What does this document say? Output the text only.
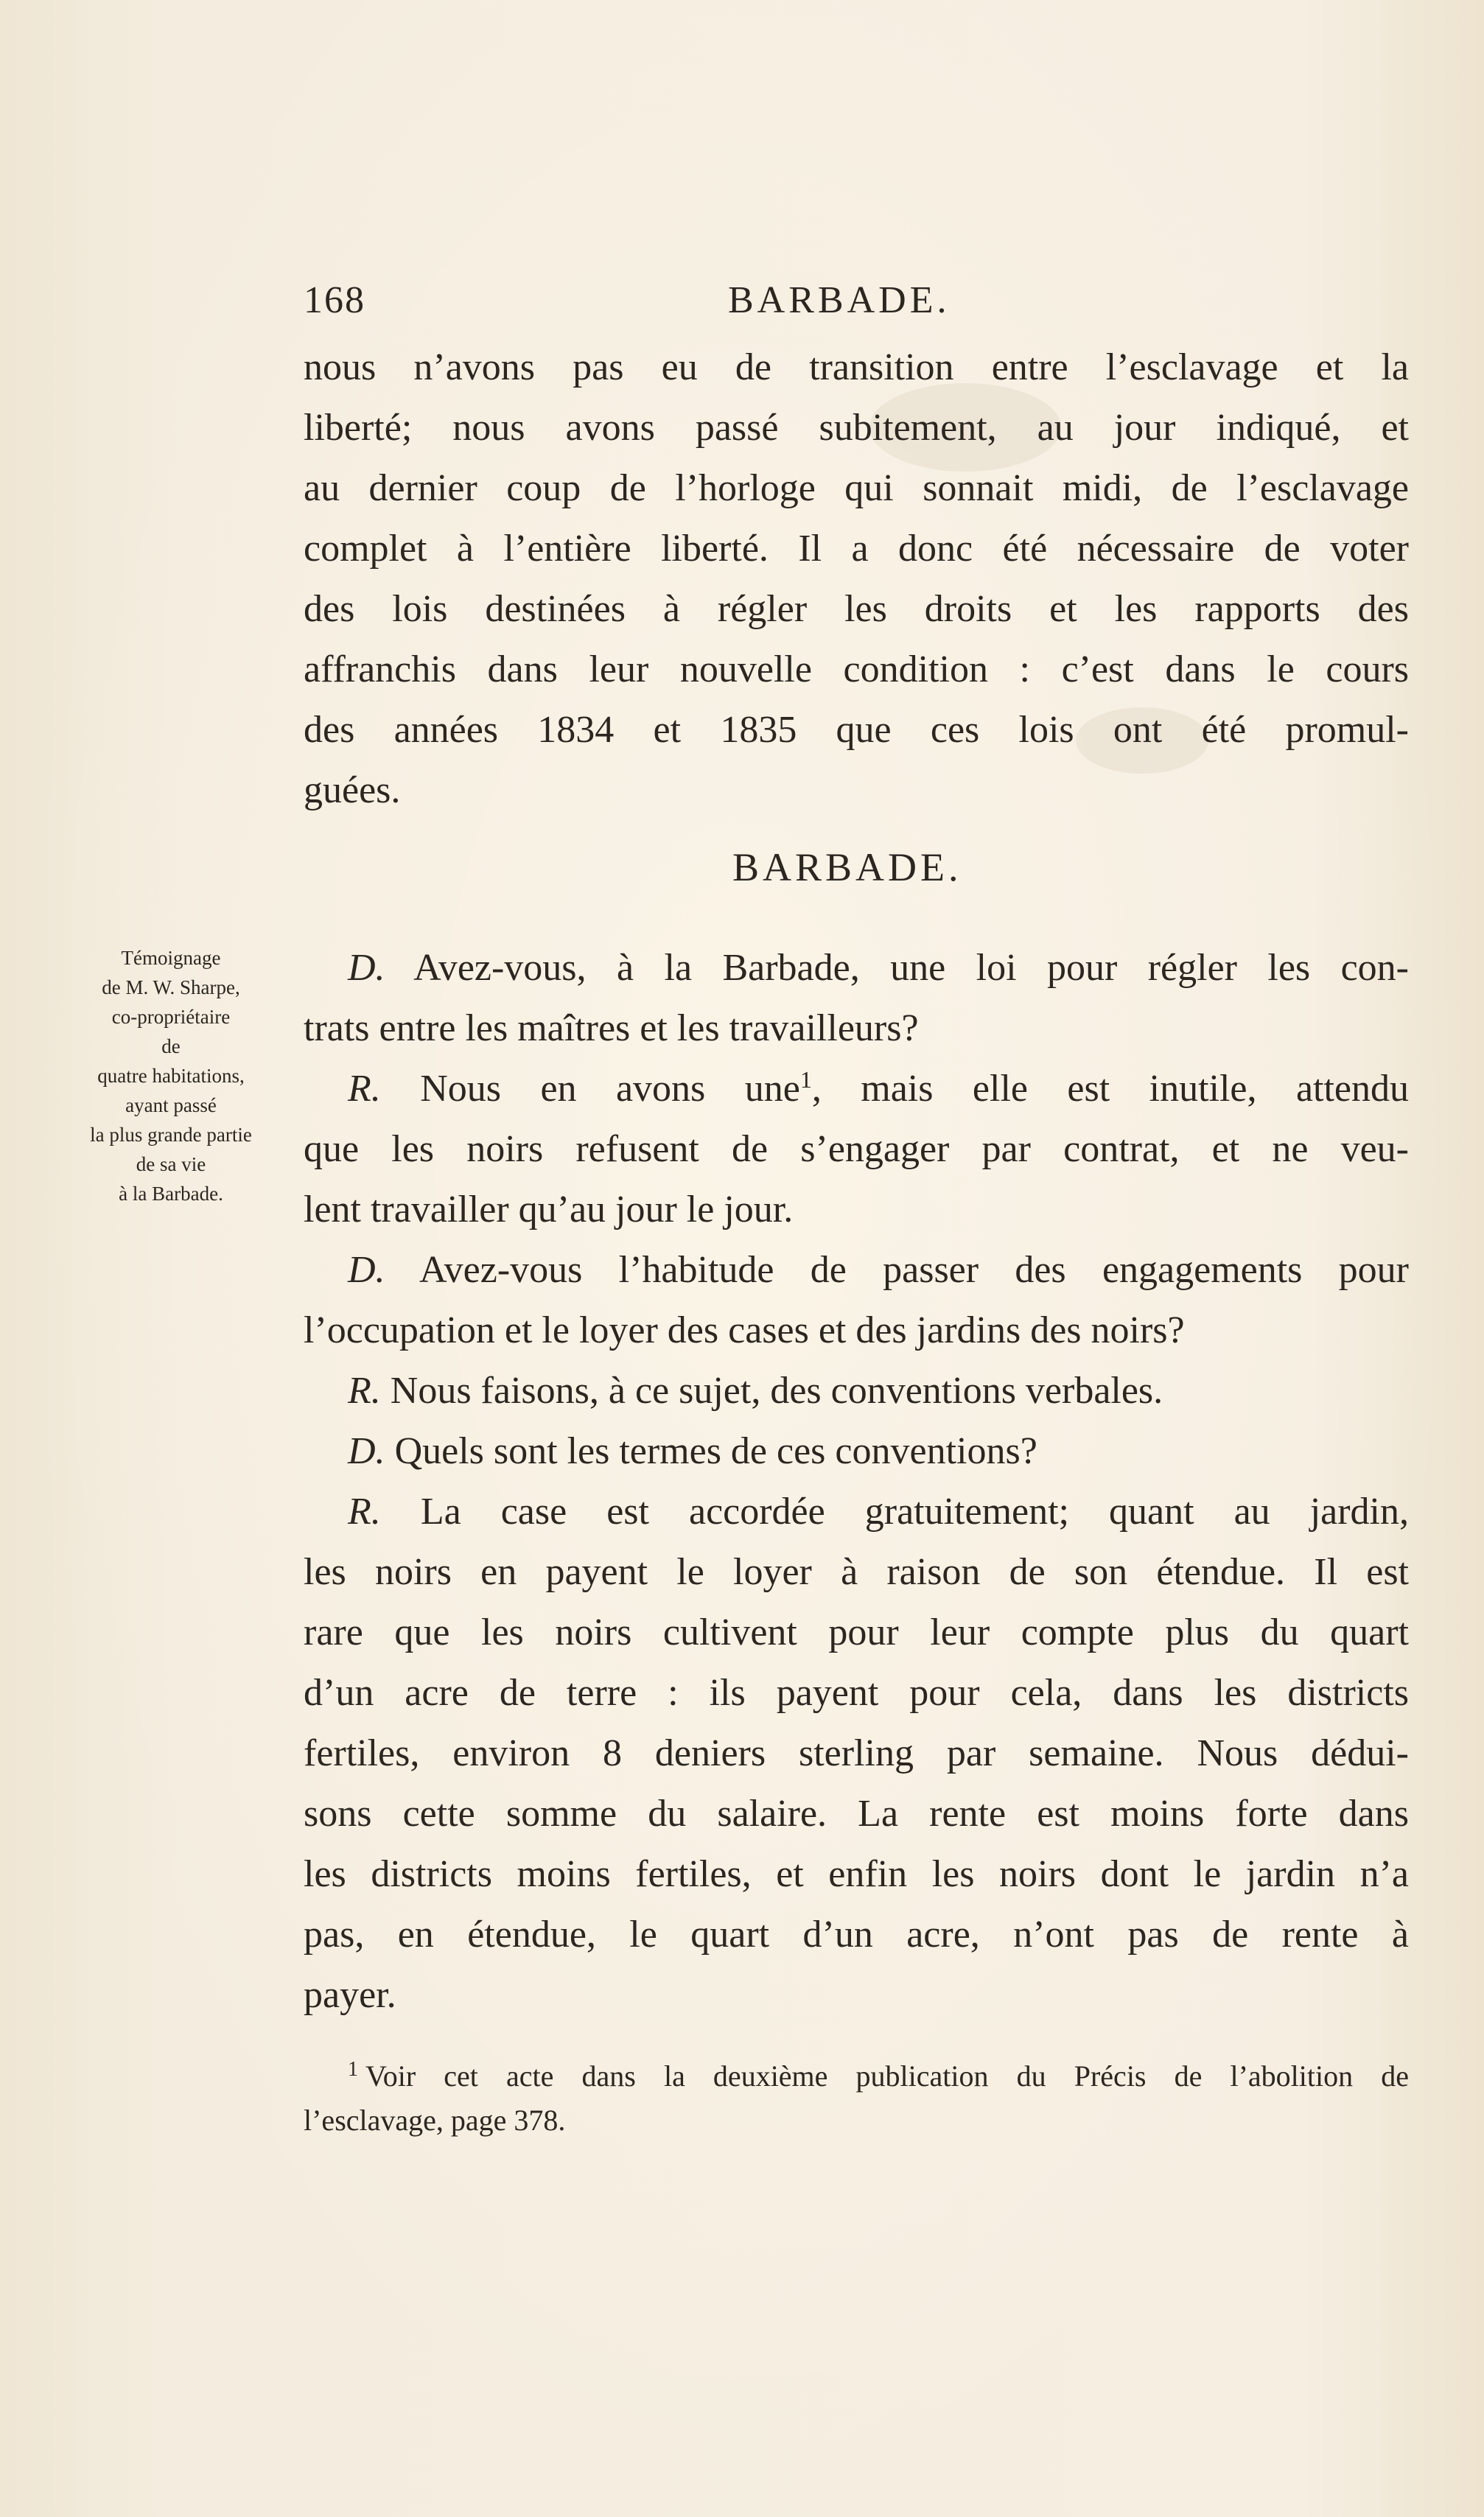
168	BARBADE.
nous n’avons pas eu de transition entre l’esclavage et la
liberté; nous avons passé subitement, au jour indiqué, et
au dernier coup de l’horloge qui sonnait midi, de l’esclavage
complet à l’entière liberté. Il a donc été nécessaire de voter
des lois destinées à régler les droits et les rapports des
affranchis dans leur nouvelle condition : c’est dans le cours
des années 1834 et 1835 que ces lois ont été promul-
guées.
BARBADE.
Témoignage
de M. W. Sharpe,
co-propriétaire
de
quatre habitations,
ayant passé
la plus grande partie
de sa vie
à la Barbade.
D. Avez-vous, à la Barbade, une loi pour régler les con-
trats entre les maîtres et les travailleurs?
R. Nous en avons une$^1$, mais elle est inutile, attendu
que les noirs refusent de s’engager par contrat, et ne veu-
lent travailler qu’au jour le jour.
D. Avez-vous l’habitude de passer des engagements pour
l’occupation et le loyer des cases et des jardins des noirs?
R. Nous faisons, à ce sujet, des conventions verbales.
D. Quels sont les termes de ces conventions?
R. La case est accordée gratuitement; quant au jardin,
les noirs en payent le loyer à raison de son étendue. Il est
rare que les noirs cultivent pour leur compte plus du quart
d’un acre de terre : ils payent pour cela, dans les districts
fertiles, environ 8 deniers sterling par semaine. Nous dédui-
sons cette somme du salaire. La rente est moins forte dans
les districts moins fertiles, et enfin les noirs dont le jardin n’a
pas, en étendue, le quart d’un acre, n’ont pas de rente à
payer.
$^1$ Voir cet acte dans la deuxième publication du Précis de l’abolition de
l’esclavage, page 378.
